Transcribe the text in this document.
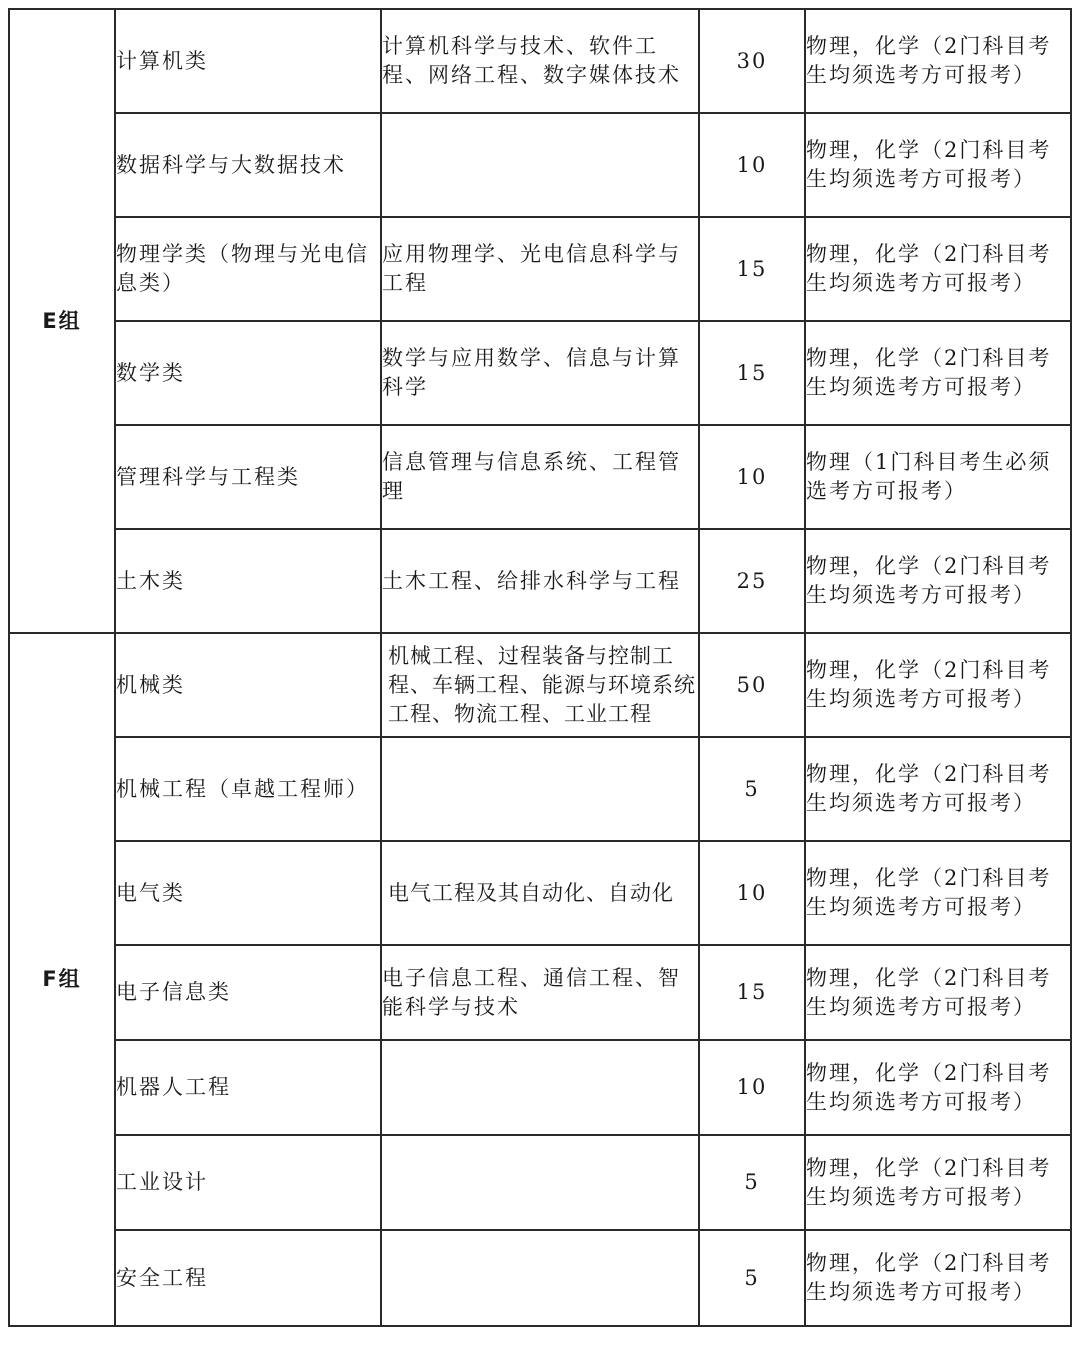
E组	计算机类	计算机科学与技术、软件工程、网络工程、数字媒体技术	30	物理，化学（2门科目考生均须选考方可报考）
	数据科学与大数据技术		10	物理，化学（2门科目考生均须选考方可报考）
	物理学类（物理与光电信息类）	应用物理学、光电信息科学与工程	15	物理，化学（2门科目考生均须选考方可报考）
	数学类	数学与应用数学、信息与计算科学	15	物理，化学（2门科目考生均须选考方可报考）
	管理科学与工程类	信息管理与信息系统、工程管理	10	物理（1门科目考生必须选考方可报考）
	土木类	土木工程、给排水科学与工程	25	物理，化学（2门科目考生均须选考方可报考）
F组	机械类	机械工程、过程装备与控制工程、车辆工程、能源与环境系统工程、物流工程、工业工程	50	物理，化学（2门科目考生均须选考方可报考）
	机械工程（卓越工程师）		5	物理，化学（2门科目考生均须选考方可报考）
	电气类	电气工程及其自动化、自动化	10	物理，化学（2门科目考生均须选考方可报考）
	电子信息类	电子信息工程、通信工程、智能科学与技术	15	物理，化学（2门科目考生均须选考方可报考）
	机器人工程		10	物理，化学（2门科目考生均须选考方可报考）
	工业设计		5	物理，化学（2门科目考生均须选考方可报考）
	安全工程		5	物理，化学（2门科目考生均须选考方可报考）
